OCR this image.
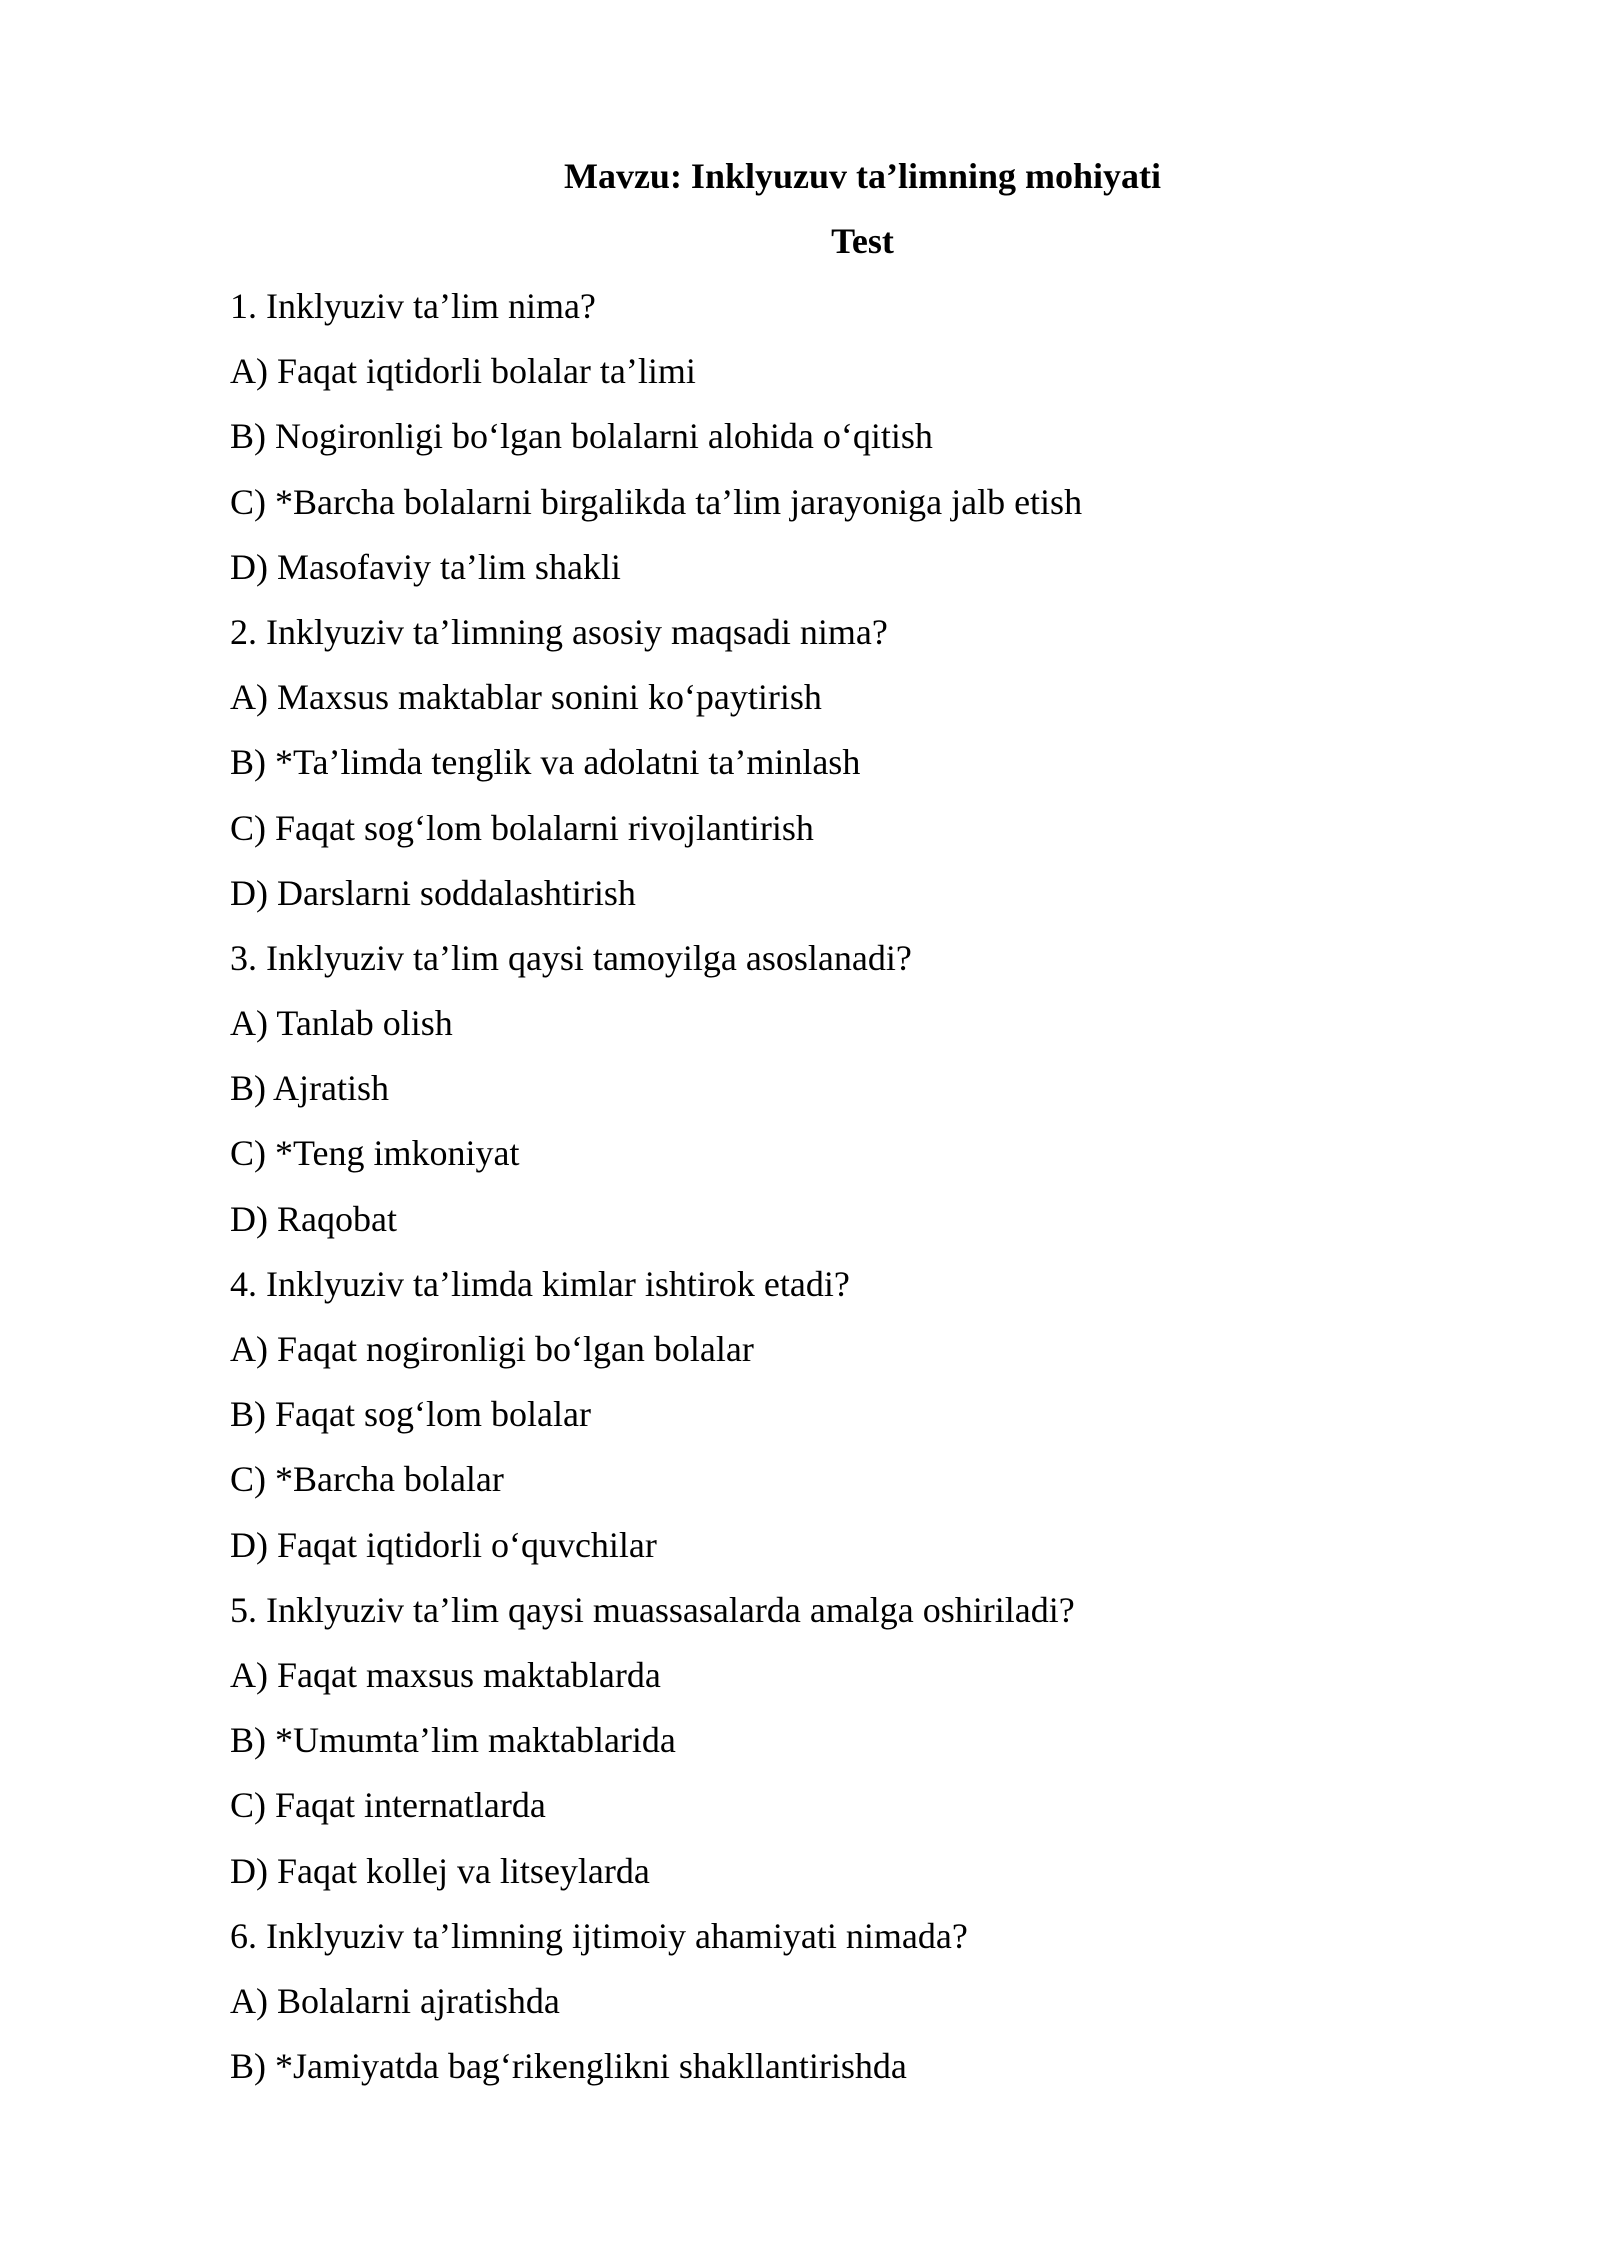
Mavzu: Inklyuzuv ta’limning mohiyati
Test
1. Inklyuziv ta’lim nima?
A) Faqat iqtidorli bolalar ta’limi
B) Nogironligi bo‘lgan bolalarni alohida o‘qitish
C) *Barcha bolalarni birgalikda ta’lim jarayoniga jalb etish
D) Masofaviy ta’lim shakli
2. Inklyuziv ta’limning asosiy maqsadi nima?
A) Maxsus maktablar sonini ko‘paytirish
B) *Ta’limda tenglik va adolatni ta’minlash
C) Faqat sog‘lom bolalarni rivojlantirish
D) Darslarni soddalashtirish
3. Inklyuziv ta’lim qaysi tamoyilga asoslanadi?
A) Tanlab olish
B) Ajratish
C) *Teng imkoniyat
D) Raqobat
4. Inklyuziv ta’limda kimlar ishtirok etadi?
A) Faqat nogironligi bo‘lgan bolalar
B) Faqat sog‘lom bolalar
C) *Barcha bolalar
D) Faqat iqtidorli o‘quvchilar
5. Inklyuziv ta’lim qaysi muassasalarda amalga oshiriladi?
A) Faqat maxsus maktablarda
B) *Umumta’lim maktablarida
C) Faqat internatlarda
D) Faqat kollej va litseylarda
6. Inklyuziv ta’limning ijtimoiy ahamiyati nimada?
A) Bolalarni ajratishda
B) *Jamiyatda bag‘rikenglikni shakllantirishda
